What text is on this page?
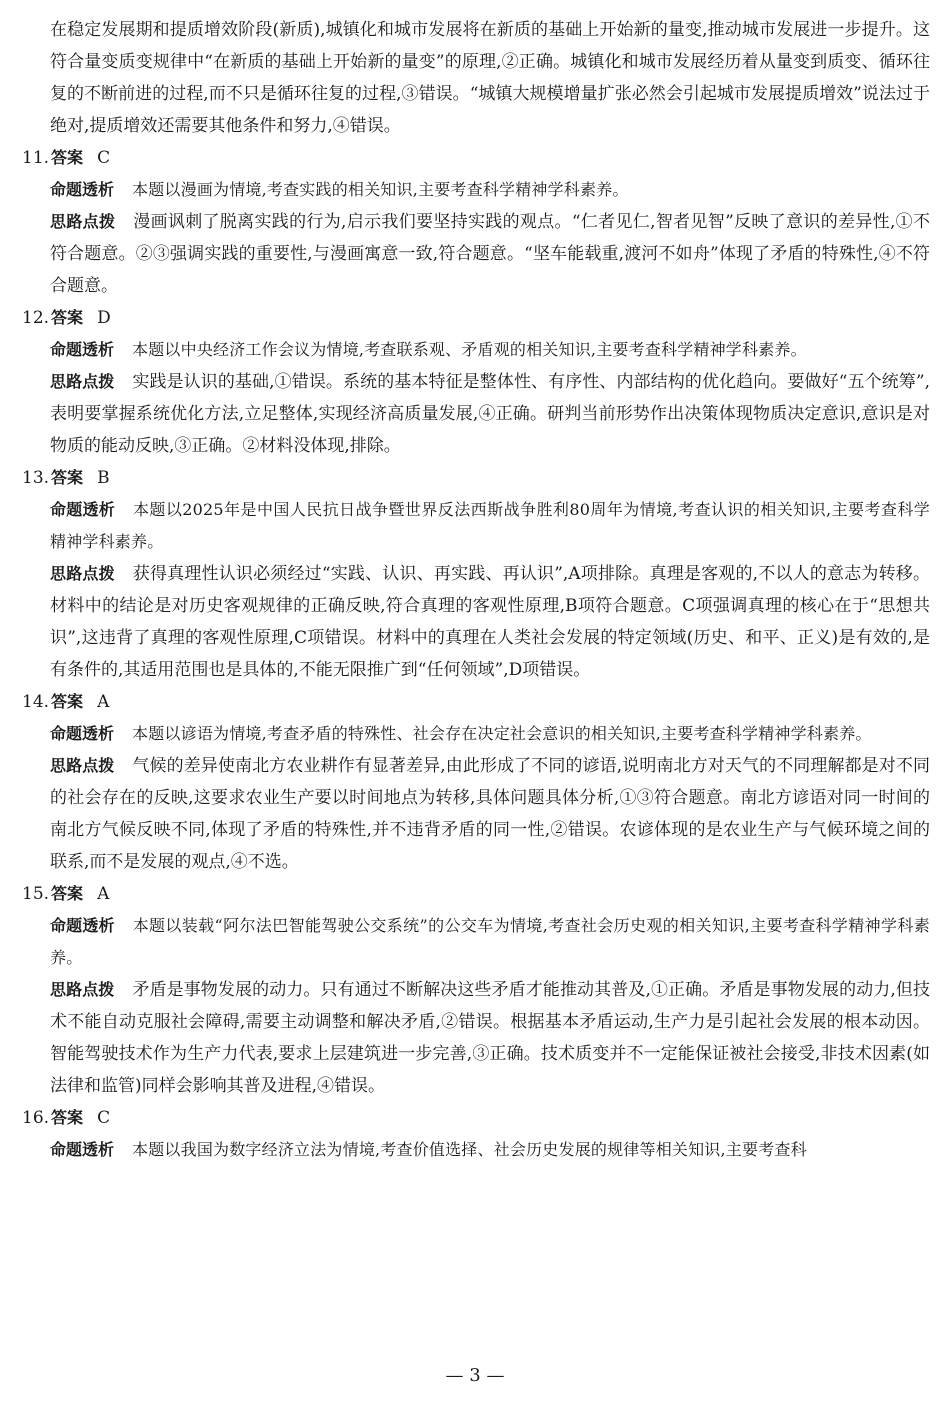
在稳定发展期和提质增效阶段(新质),城镇化和城市发展将在新质的基础上开始新的量变,推动城市发展进一步提升。这符合量变质变规律中“在新质的基础上开始新的量变”的原理,②正确。城镇化和城市发展经历着从量变到质变、循环往复的不断前进的过程,而不只是循环往复的过程,③错误。“城镇大规模增量扩张必然会引起城市发展提质增效”说法过于绝对,提质增效还需要其他条件和努力,④错误。

11. 答案 C

命题透析 本题以漫画为情境,考查实践的相关知识,主要考查科学精神学科素养。

思路点拨 漫画讽刺了脱离实践的行为,启示我们要坚持实践的观点。“仁者见仁,智者见智”反映了意识的差异性,①不符合题意。②③强调实践的重要性,与漫画寓意一致,符合题意。“坚车能载重,渡河不如舟”体现了矛盾的特殊性,④不符合题意。

12. 答案 D

命题透析 本题以中央经济工作会议为情境,考查联系观、矛盾观的相关知识,主要考查科学精神学科素养。

思路点拨 实践是认识的基础,①错误。系统的基本特征是整体性、有序性、内部结构的优化趋向。要做好“五个统筹”,表明要掌握系统优化方法,立足整体,实现经济高质量发展,④正确。研判当前形势作出决策体现物质决定意识,意识是对物质的能动反映,③正确。②材料没体现,排除。

13. 答案 B

命题透析 本题以2025年是中国人民抗日战争暨世界反法西斯战争胜利80周年为情境,考查认识的相关知识,主要考查科学精神学科素养。

思路点拨 获得真理性认识必须经过“实践、认识、再实践、再认识”,A项排除。真理是客观的,不以人的意志为转移。材料中的结论是对历史客观规律的正确反映,符合真理的客观性原理,B项符合题意。C项强调真理的核心在于“思想共识”,这违背了真理的客观性原理,C项错误。材料中的真理在人类社会发展的特定领域(历史、和平、正义)是有效的,是有条件的,其适用范围也是具体的,不能无限推广到“任何领域”,D项错误。

14. 答案 A

命题透析 本题以谚语为情境,考查矛盾的特殊性、社会存在决定社会意识的相关知识,主要考查科学精神学科素养。

思路点拨 气候的差异使南北方农业耕作有显著差异,由此形成了不同的谚语,说明南北方对天气的不同理解都是对不同的社会存在的反映,这要求农业生产要以时间地点为转移,具体问题具体分析,①③符合题意。南北方谚语对同一时间的南北方气候反映不同,体现了矛盾的特殊性,并不违背矛盾的同一性,②错误。农谚体现的是农业生产与气候环境之间的联系,而不是发展的观点,④不选。

15. 答案 A

命题透析 本题以装载“阿尔法巴智能驾驶公交系统”的公交车为情境,考查社会历史观的相关知识,主要考查科学精神学科素养。

思路点拨 矛盾是事物发展的动力。只有通过不断解决这些矛盾才能推动其普及,①正确。矛盾是事物发展的动力,但技术不能自动克服社会障碍,需要主动调整和解决矛盾,②错误。根据基本矛盾运动,生产力是引起社会发展的根本动因。智能驾驶技术作为生产力代表,要求上层建筑进一步完善,③正确。技术质变并不一定能保证被社会接受,非技术因素(如法律和监管)同样会影响其普及进程,④错误。

16. 答案 C

命题透析 本题以我国为数字经济立法为情境,考查价值选择、社会历史发展的规律等相关知识,主要考查科

— 3 —
